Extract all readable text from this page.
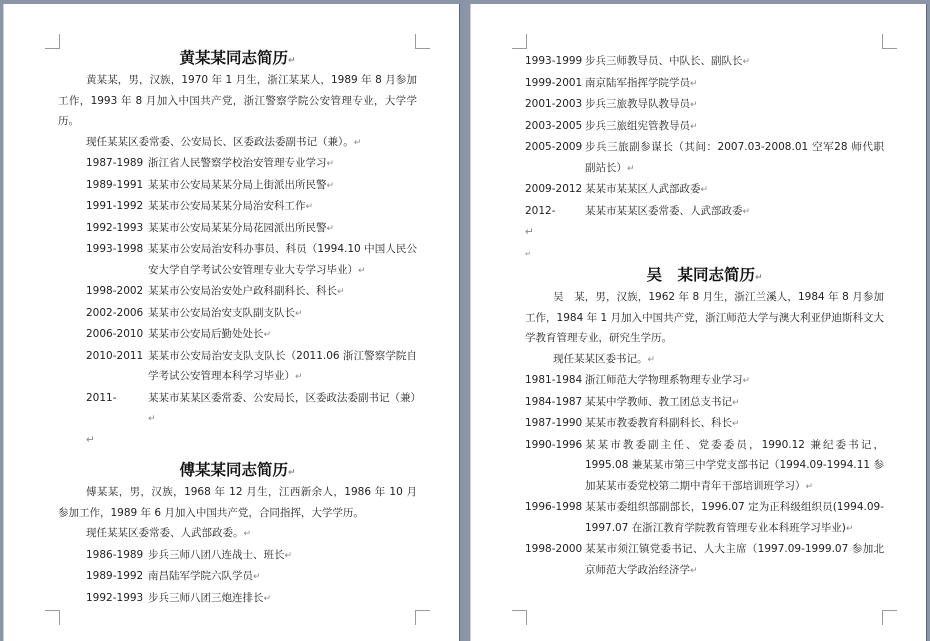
黄某某同志简历↵
黄某某，男，汉族，1970 年 1 月生，浙江某某人，1989 年 8 月参加工作，1993 年 8 月加入中国共产党，浙江警察学院公安管理专业，大学学历。
现任某某区委常委、公安局长、区委政法委副书记（兼）。↵
1987-1989 浙江省人民警察学校治安管理专业学习↵
1989-1991 某某市公安局某某分局上街派出所民警↵
1991-1992 某某市公安局某某分局治安科工作↵
1992-1993 某某市公安局某某分局花园派出所民警↵
1993-1998 某某市公安局治安科办事员、科员（1994.10 中国人民公安大学自学考试公安管理专业大专学习毕业）↵
1998-2002 某某市公安局治安处户政科副科长、科长↵
2002-2006 某某市公安局治安支队副支队长↵
2006-2010 某某市公安局后勤处处长↵
2010-2011 某某市公安局治安支队支队长（2011.06 浙江警察学院自学考试公安管理本科学习毕业）↵
2011-	某某市某某区委常委、公安局长，区委政法委副书记（兼）↵
↵
傅某某同志简历↵
傅某某，男，汉族，1968 年 12 月生，江西新余人，1986 年 10 月参加工作，1989 年 6 月加入中国共产党，合同指挥，大学学历。
现任某某区委常委、人武部政委。↵
1986-1989 步兵三师八团八连战士、班长↵
1989-1992 南昌陆军学院六队学员↵
1992-1993 步兵三师八团三炮连排长↵
1993-1999 步兵三师教导员、中队长、副队长↵
1999-2001 南京陆军指挥学院学员↵
2001-2003 步兵三旅教导队教导员↵
2003-2005 步兵三旅组宪管教导员↵
2005-2009 步兵三旅副参谋长（其间：2007.03-2008.01 空军28 师代职副站长）↵
2009-2012 某某市某某区人武部政委↵
2012-	某某市某某区委常委、人武部政委↵
↵
↵
吴　某同志简历↵
吴　某，男，汉族，1962 年 8 月生，浙江兰溪人，1984 年 8 月参加工作，1984 年 1 月加入中国共产党，浙江师范大学与澳大利亚伊迪斯科文大学教育管理专业，研究生学历。
现任某某区委书记。↵
1981-1984 浙江师范大学物理系物理专业学习↵
1984-1987 某某中学教师、教工团总支书记↵
1987-1990 某某市教委教育科副科长、科长↵
1990-1996 某某市教委副主任、党委委员，1990.12 兼纪委书记，1995.08 兼某某市第三中学党支部书记（1994.09-1994.11 参加某某市委党校第二期中青年干部培训班学习）↵
1996-1998 某某市委组织部副部长，1996.07 定为正科级组织员(1994.09-1997.07 在浙江教育学院教育管理专业本科班学习毕业)↵
1998-2000 某某市须江镇党委书记、人大主席（1997.09-1999.07 参加北京师范大学政治经济学↵
